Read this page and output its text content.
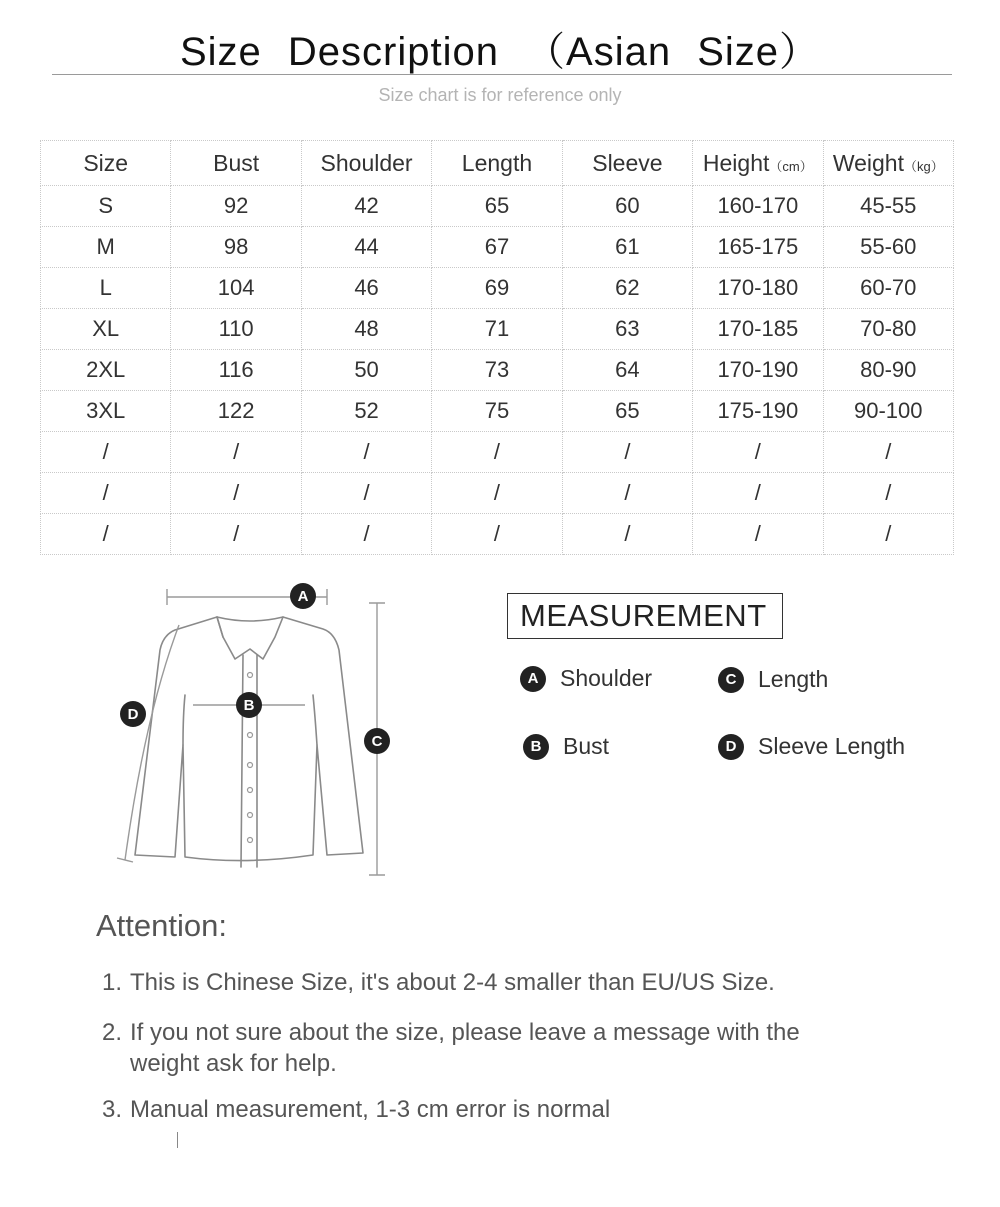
Size Description （Asian Size）
Size chart is for reference only
Size	Bust	Shoulder	Length	Sleeve	Height（cm）	Weight（kg）
S	92	42	65	60	160-170	45-55
M	98	44	67	61	165-175	55-60
L	104	46	69	62	170-180	60-70
XL	110	48	71	63	170-185	70-80
2XL	116	50	73	64	170-190	80-90
3XL	122	52	75	65	175-190	90-100
/	/	/	/	/	/	/
/	/	/	/	/	/	/
/	/	/	/	/	/	/
A
B
C
D
MEASUREMENT
A Shoulder	C Length
B Bust	D Sleeve Length
Attention:
1. This is Chinese Size, it's about 2-4 smaller than EU/US Size.
2. If you not sure about the size, please leave a message with the
weight ask for help.
3. Manual measurement, 1-3 cm error is normal
